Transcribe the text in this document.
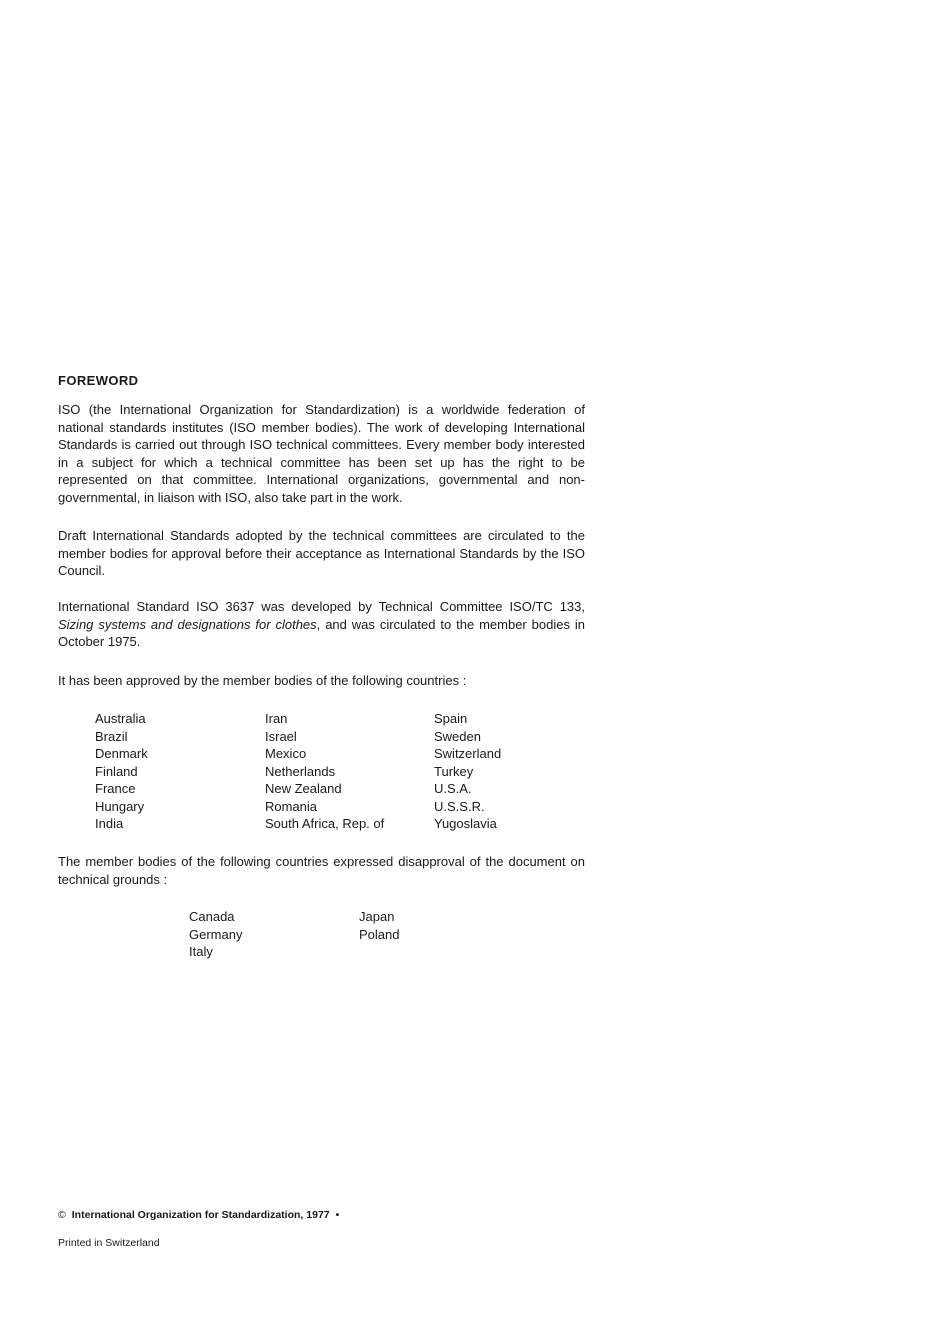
FOREWORD

ISO (the International Organization for Standardization) is a worldwide federation of national standards institutes (ISO member bodies). The work of developing International Standards is carried out through ISO technical committees. Every member body interested in a subject for which a technical committee has been set up has the right to be represented on that committee. International organizations, governmental and non-governmental, in liaison with ISO, also take part in the work.

Draft International Standards adopted by the technical committees are circulated to the member bodies for approval before their acceptance as International Standards by the ISO Council.

International Standard ISO 3637 was developed by Technical Committee ISO/TC 133, Sizing systems and designations for clothes, and was circulated to the member bodies in October 1975.

It has been approved by the member bodies of the following countries :

Australia
Brazil
Denmark
Finland
France
Hungary
India
Iran
Israel
Mexico
Netherlands
New Zealand
Romania
South Africa, Rep. of
Spain
Sweden
Switzerland
Turkey
U.S.A.
U.S.S.R.
Yugoslavia

The member bodies of the following countries expressed disapproval of the document on technical grounds :

Canada
Germany
Italy
Japan
Poland
© International Organization for Standardization, 1977 •
Printed in Switzerland
